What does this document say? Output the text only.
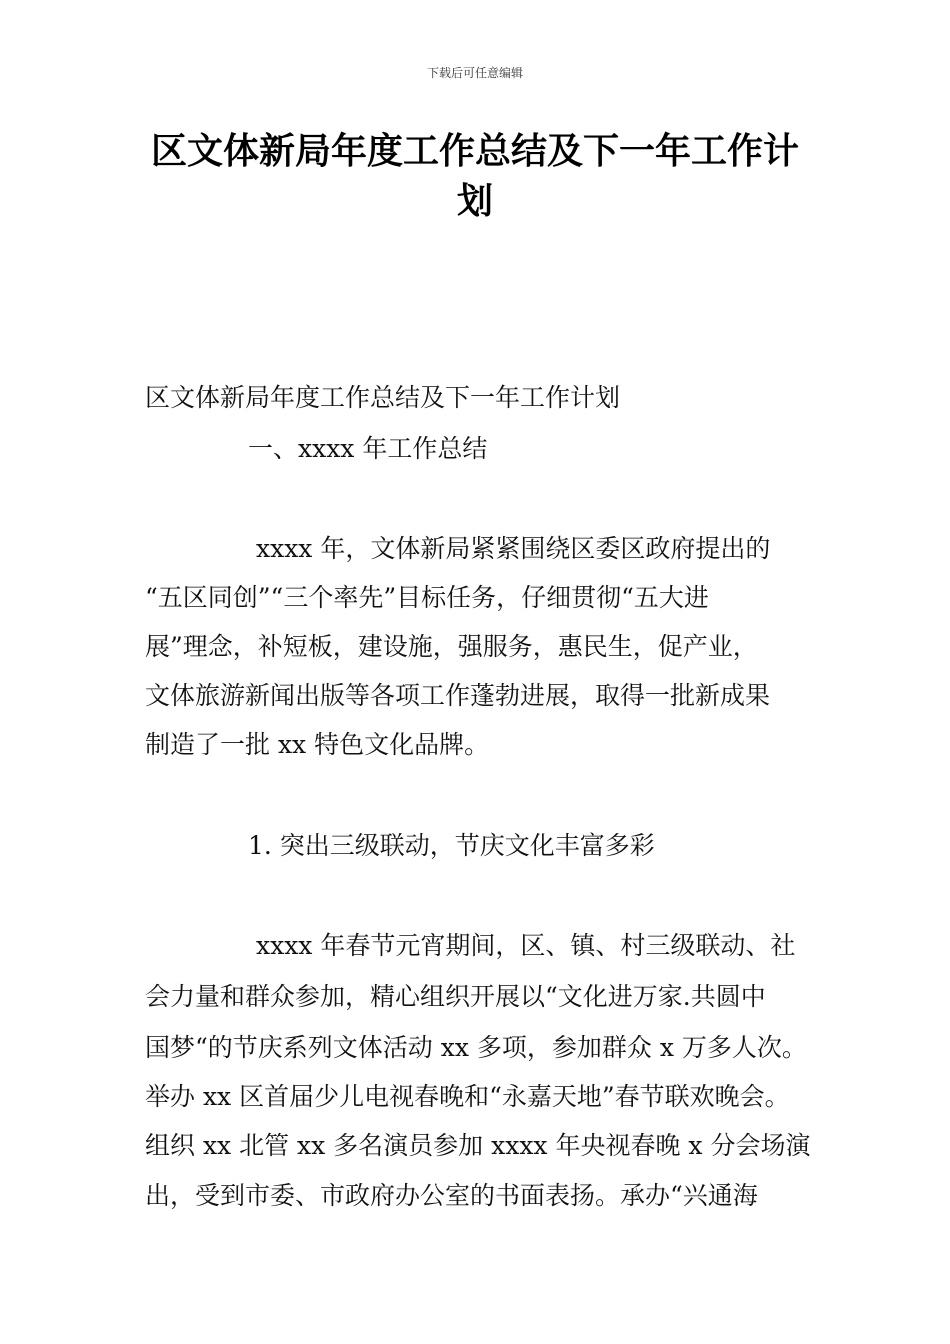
下载后可任意编辑
区文体新局年度工作总结及下一年工作计
划
区文体新局年度工作总结及下一年工作计划
一、xxxx 年工作总结
xxxx 年，文体新局紧紧围绕区委区政府提出的
“五区同创”“三个率先”目标任务，仔细贯彻“五大进
展”理念，补短板，建设施，强服务，惠民生，促产业，
文体旅游新闻出版等各项工作蓬勃进展，取得一批新成果
制造了一批 xx 特色文化品牌。
1. 突出三级联动，节庆文化丰富多彩
xxxx 年春节元宵期间，区、镇、村三级联动、社
会力量和群众参加，精心组织开展以“文化进万家.共圆中
国梦“的节庆系列文体活动 xx 多项，参加群众 x 万多人次。
举办 xx 区首届少儿电视春晚和“永嘉天地”春节联欢晚会。
组织 xx 北管 xx 多名演员参加 xxxx 年央视春晚 x 分会场演
出，受到市委、市政府办公室的书面表扬。承办“兴通海
